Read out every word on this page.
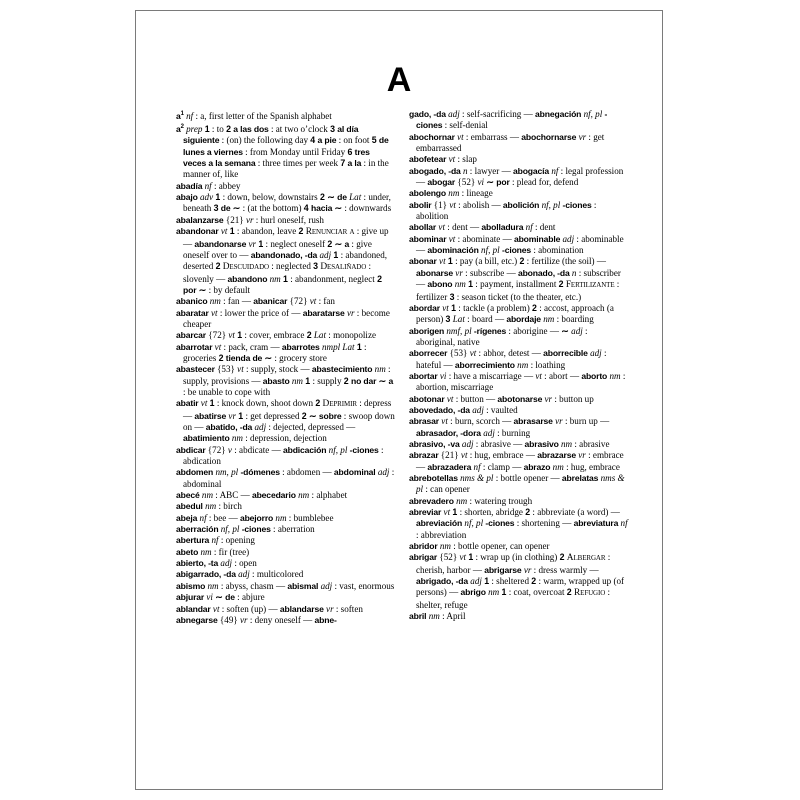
A

$a^1$ nf : a, first letter of the Spanish alphabet

$a^2$ prep 1 : to 2 a las dos : at two o’clock 3 al día siguiente : (on) the following day 4 a pie : on foot 5 de lunes a viernes : from Monday until Friday 6 tres veces a la semana : three times per week 7 a la : in the manner of, like

abadía nf : abbey

abajo adv 1 : down, below, downstairs 2 ∼ de Lat : under, beneath 3 de ∼ : (at the bottom) 4 hacia ∼ : downwards

abalanzarse {21} vr : hurl oneself, rush

abandonar vt 1 : abandon, leave 2 Renunciar a : give up — abandonarse vr 1 : neglect oneself 2 ∼ a : give oneself over to — abandonado, -da adj 1 : abandoned, deserted 2 Descuidado : neglected 3 Desaliñado : slovenly — abandono nm 1 : abandonment, neglect 2 por ∼ : by default

abanico nm : fan — abanicar {72} vt : fan

abaratar vt : lower the price of — abaratarse vr : become cheaper

abarcar {72} vt 1 : cover, embrace 2 Lat : monopolize

abarrotar vt : pack, cram — abarrotes nmpl Lat 1 : groceries 2 tienda de ∼ : grocery store

abastecer {53} vt : supply, stock — abastecimiento nm : supply, provisions — abasto nm 1 : supply 2 no dar ∼ a : be unable to cope with

abatir vt 1 : knock down, shoot down 2 Deprimir : depress — abatirse vr 1 : get depressed 2 ∼ sobre : swoop down on — abatido, -da adj : dejected, depressed — abatimiento nm : depression, dejection

abdicar {72} v : abdicate — abdicación nf, pl -ciones : abdication

abdomen nm, pl -dómenes : abdomen — abdominal adj : abdominal

abecé nm : ABC — abecedario nm : alphabet

abedul nm : birch

abeja nf : bee — abejorro nm : bumblebee

aberración nf, pl -ciones : aberration

abertura nf : opening

abeto nm : fir (tree)

abierto, -ta adj : open

abigarrado, -da adj : multicolored

abismo nm : abyss, chasm — abismal adj : vast, enormous

abjurar vi ∼ de : abjure

ablandar vt : soften (up) — ablandarse vr : soften

abnegarse {49} vr : deny oneself — abne-

gado, -da adj : self-sacrificing — abnegación nf, pl -ciones : self-denial

abochornar vt : embarrass — abochornarse vr : get embarrassed

abofetear vt : slap

abogado, -da n : lawyer — abogacía nf : legal profession — abogar {52} vi ∼ por : plead for, defend

abolengo nm : lineage

abolir {1} vt : abolish — abolición nf, pl -ciones : abolition

abollar vt : dent — abolladura nf : dent

abominar vt : abominate — abominable adj : abominable — abominación nf, pl -ciones : abomination

abonar vt 1 : pay (a bill, etc.) 2 : fertilize (the soil) — abonarse vr : subscribe — abonado, -da n : subscriber — abono nm 1 : payment, installment 2 Fertilizante : fertilizer 3 : season ticket (to the theater, etc.)

abordar vt 1 : tackle (a problem) 2 : accost, approach (a person) 3 Lat : board — abordaje nm : boarding

aborigen nmf, pl -rígenes : aborigine — ∼ adj : aboriginal, native

aborrecer {53} vt : abhor, detest — aborrecible adj : hateful — aborrecimiento nm : loathing

abortar vi : have a miscarriage — vt : abort — aborto nm : abortion, miscarriage

abotonar vt : button — abotonarse vr : button up

abovedado, -da adj : vaulted

abrasar vt : burn, scorch — abrasarse vr : burn up — abrasador, -dora adj : burning

abrasivo, -va adj : abrasive — abrasivo nm : abrasive

abrazar {21} vt : hug, embrace — abrazarse vr : embrace — abrazadera nf : clamp — abrazo nm : hug, embrace

abrebotellas nms & pl : bottle opener — abrelatas nms & pl : can opener

abrevadero nm : watering trough

abreviar vt 1 : shorten, abridge 2 : abbreviate (a word) — abreviación nf, pl -ciones : shortening — abreviatura nf : abbreviation

abridor nm : bottle opener, can opener

abrigar {52} vt 1 : wrap up (in clothing) 2 Albergar : cherish, harbor — abrigarse vr : dress warmly — abrigado, -da adj 1 : sheltered 2 : warm, wrapped up (of persons) — abrigo nm 1 : coat, overcoat 2 Refugio : shelter, refuge

abril nm : April
